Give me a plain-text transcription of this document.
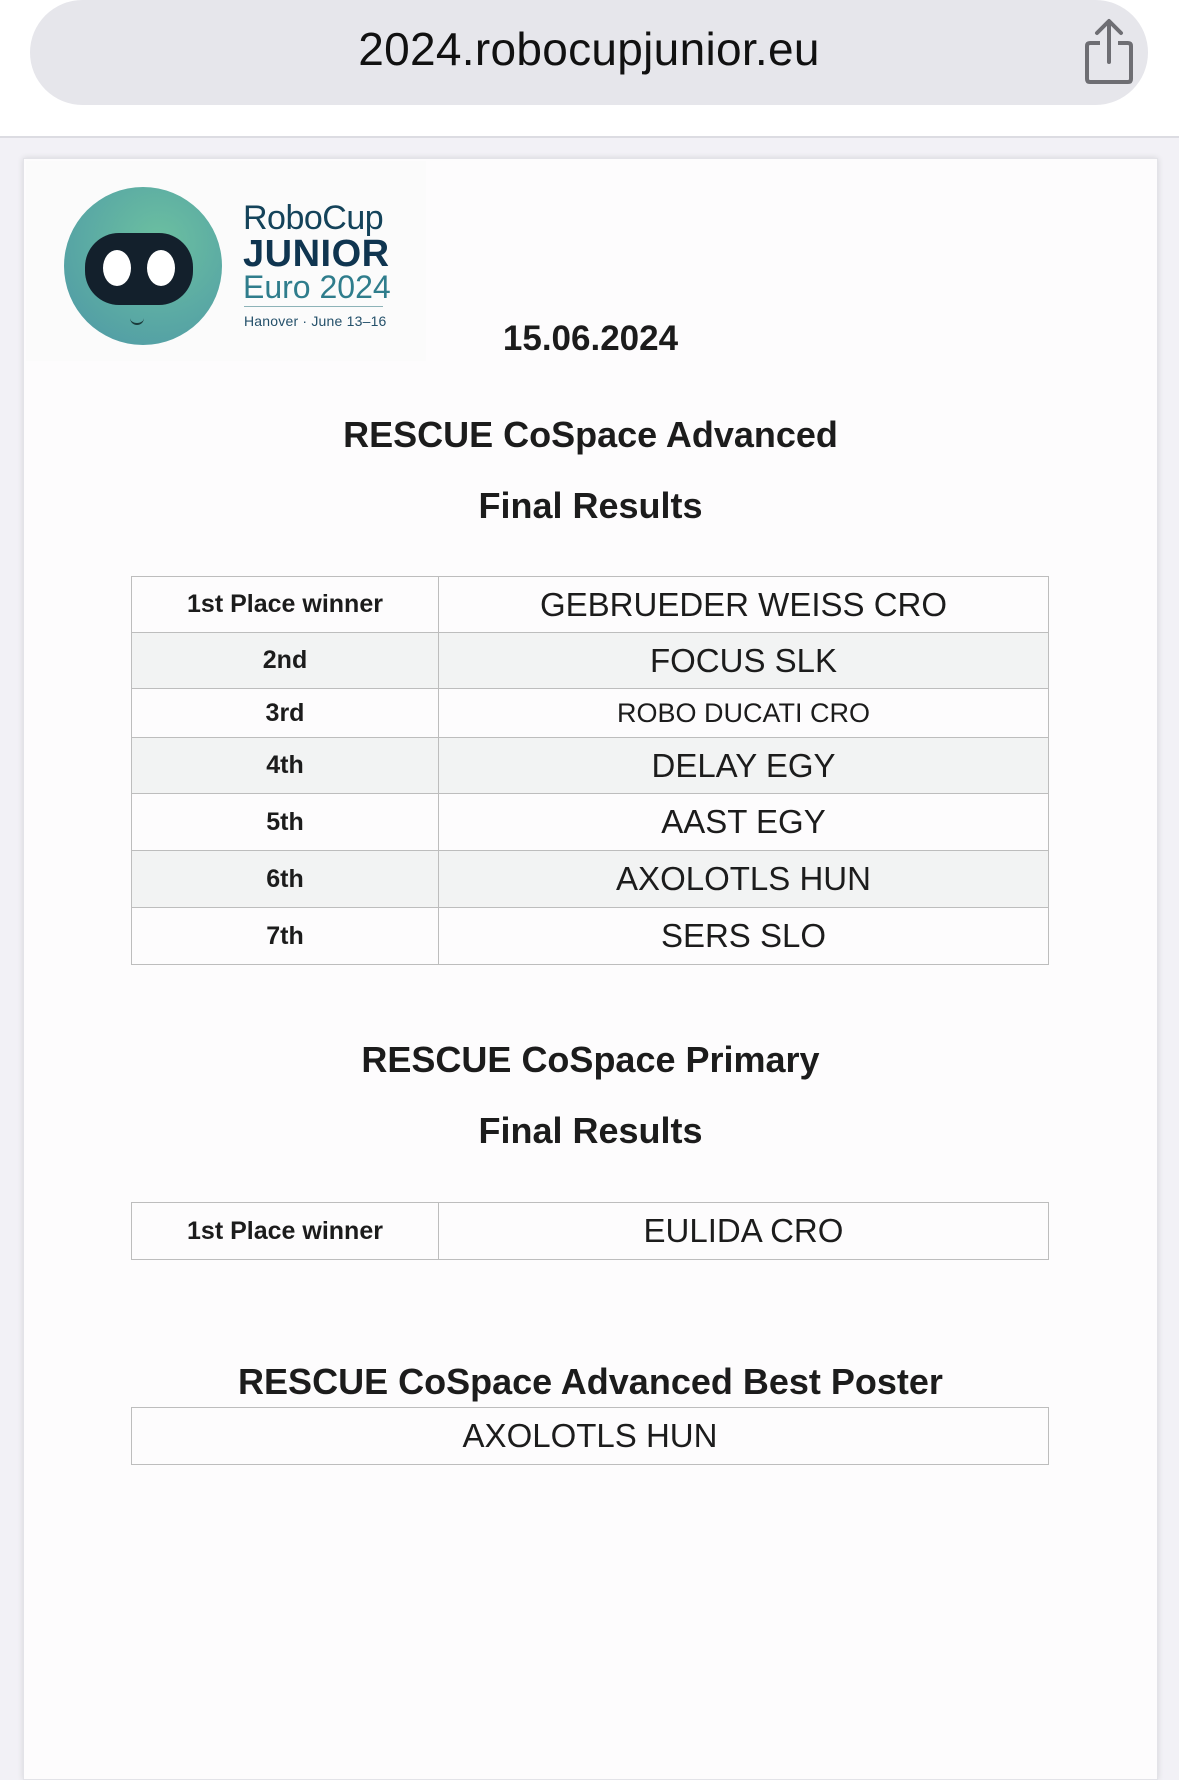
2024.robocupjunior.eu
RoboCup
JUNIOR
Euro 2024
Hanover · June 13–16	15.06.2024
RESCUE CoSpace Advanced
Final Results
1st Place winner	GEBRUEDER WEISS CRO
2nd	FOCUS SLK
3rd	ROBO DUCATI CRO
4th	DELAY EGY
5th	AAST EGY
6th	AXOLOTLS HUN
7th	SERS SLO
RESCUE CoSpace Primary
Final Results
1st Place winner	EULIDA CRO
RESCUE CoSpace Advanced Best Poster
AXOLOTLS HUN
